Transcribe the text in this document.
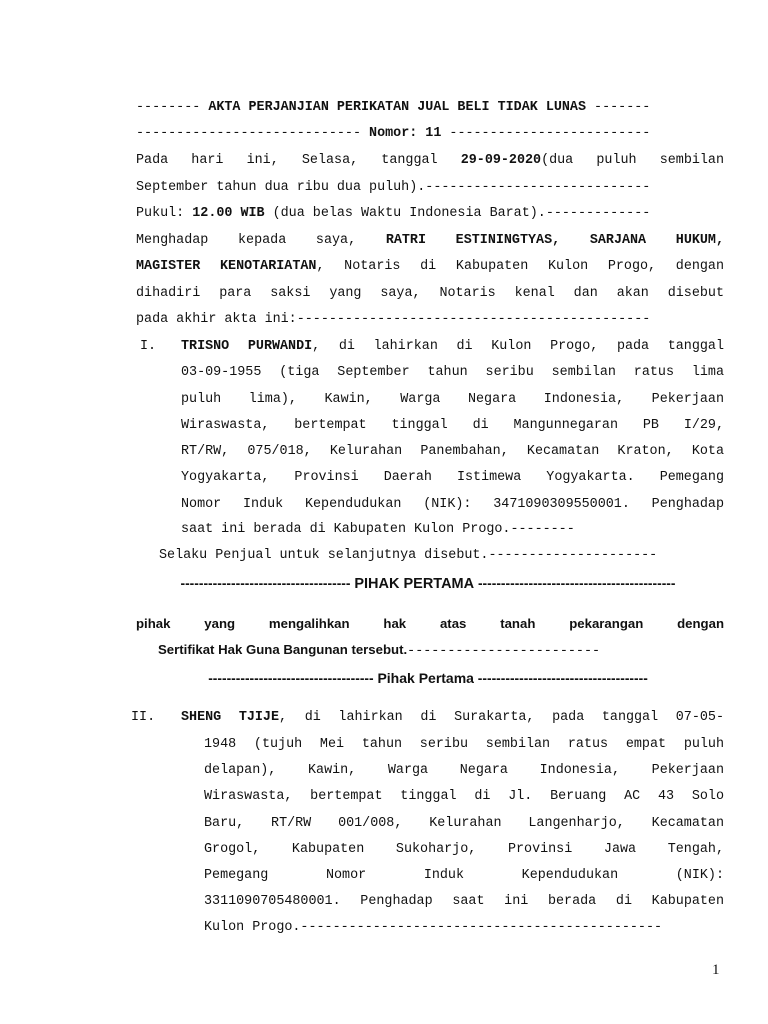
-------- AKTA PERJANJIAN PERIKATAN JUAL BELI TIDAK LUNAS -------
---------------------------- Nomor: 11 -------------------------
Pada hari ini, Selasa, tanggal 29-09-2020(dua puluh sembilan
September tahun dua ribu dua puluh).----------------------------
Pukul: 12.00 WIB (dua belas Waktu Indonesia Barat).-------------
Menghadap kepada saya, RATRI ESTININGTYAS, SARJANA HUKUM,
MAGISTER KENOTARIATAN, Notaris di Kabupaten Kulon Progo, dengan
dihadiri para saksi yang saya, Notaris kenal dan akan disebut
pada akhir akta ini:--------------------------------------------
I. TRISNO PURWANDI, di lahirkan di Kulon Progo, pada tanggal
03-09-1955 (tiga September tahun seribu sembilan ratus lima
puluh lima), Kawin, Warga Negara Indonesia, Pekerjaan
Wiraswasta, bertempat tinggal di Mangunnegaran PB I/29,
RT/RW, 075/018, Kelurahan Panembahan, Kecamatan Kraton, Kota
Yogyakarta, Provinsi Daerah Istimewa Yogyakarta. Pemegang
Nomor Induk Kependudukan (NIK): 3471090309550001. Penghadap
saat ini berada di Kabupaten Kulon Progo.--------
Selaku Penjual untuk selanjutnya disebut.---------------------
------------------------------------- PIHAK PERTAMA -------------------------------------------
pihak yang mengalihkan hak atas tanah pekarangan dengan
Sertifikat Hak Guna Bangunan tersebut.------------------------
------------------------------------ Pihak Pertama -------------------------------------
II. SHENG TJIJE, di lahirkan di Surakarta, pada tanggal 07-05-
1948 (tujuh Mei tahun seribu sembilan ratus empat puluh
delapan), Kawin, Warga Negara Indonesia, Pekerjaan
Wiraswasta, bertempat tinggal di Jl. Beruang AC 43 Solo
Baru, RT/RW 001/008, Kelurahan Langenharjo, Kecamatan
Grogol, Kabupaten Sukoharjo, Provinsi Jawa Tengah,
Pemegang Nomor Induk Kependudukan (NIK):
3311090705480001. Penghadap saat ini berada di Kabupaten
Kulon Progo.---------------------------------------------
1
